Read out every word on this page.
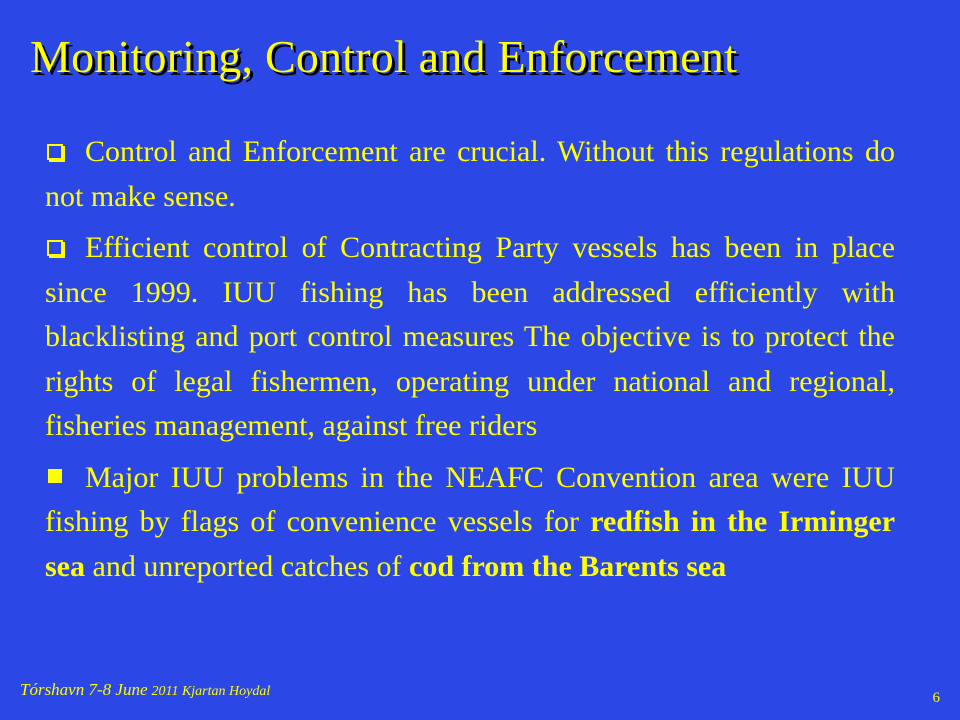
Monitoring, Control and Enforcement

Control and Enforcement are crucial. Without this regulations do not make sense.

Efficient control of Contracting Party vessels has been in place since 1999. IUU fishing has been addressed efficiently with blacklisting and port control measures The objective is to protect the rights of legal fishermen, operating under national and regional, fisheries management, against free riders

Major IUU problems in the NEAFC Convention area were IUU fishing by flags of convenience vessels for redfish in the Irminger sea and unreported catches of cod from the Barents sea

Tórshavn 7-8 June 2011 Kjartan Hoydal	6
